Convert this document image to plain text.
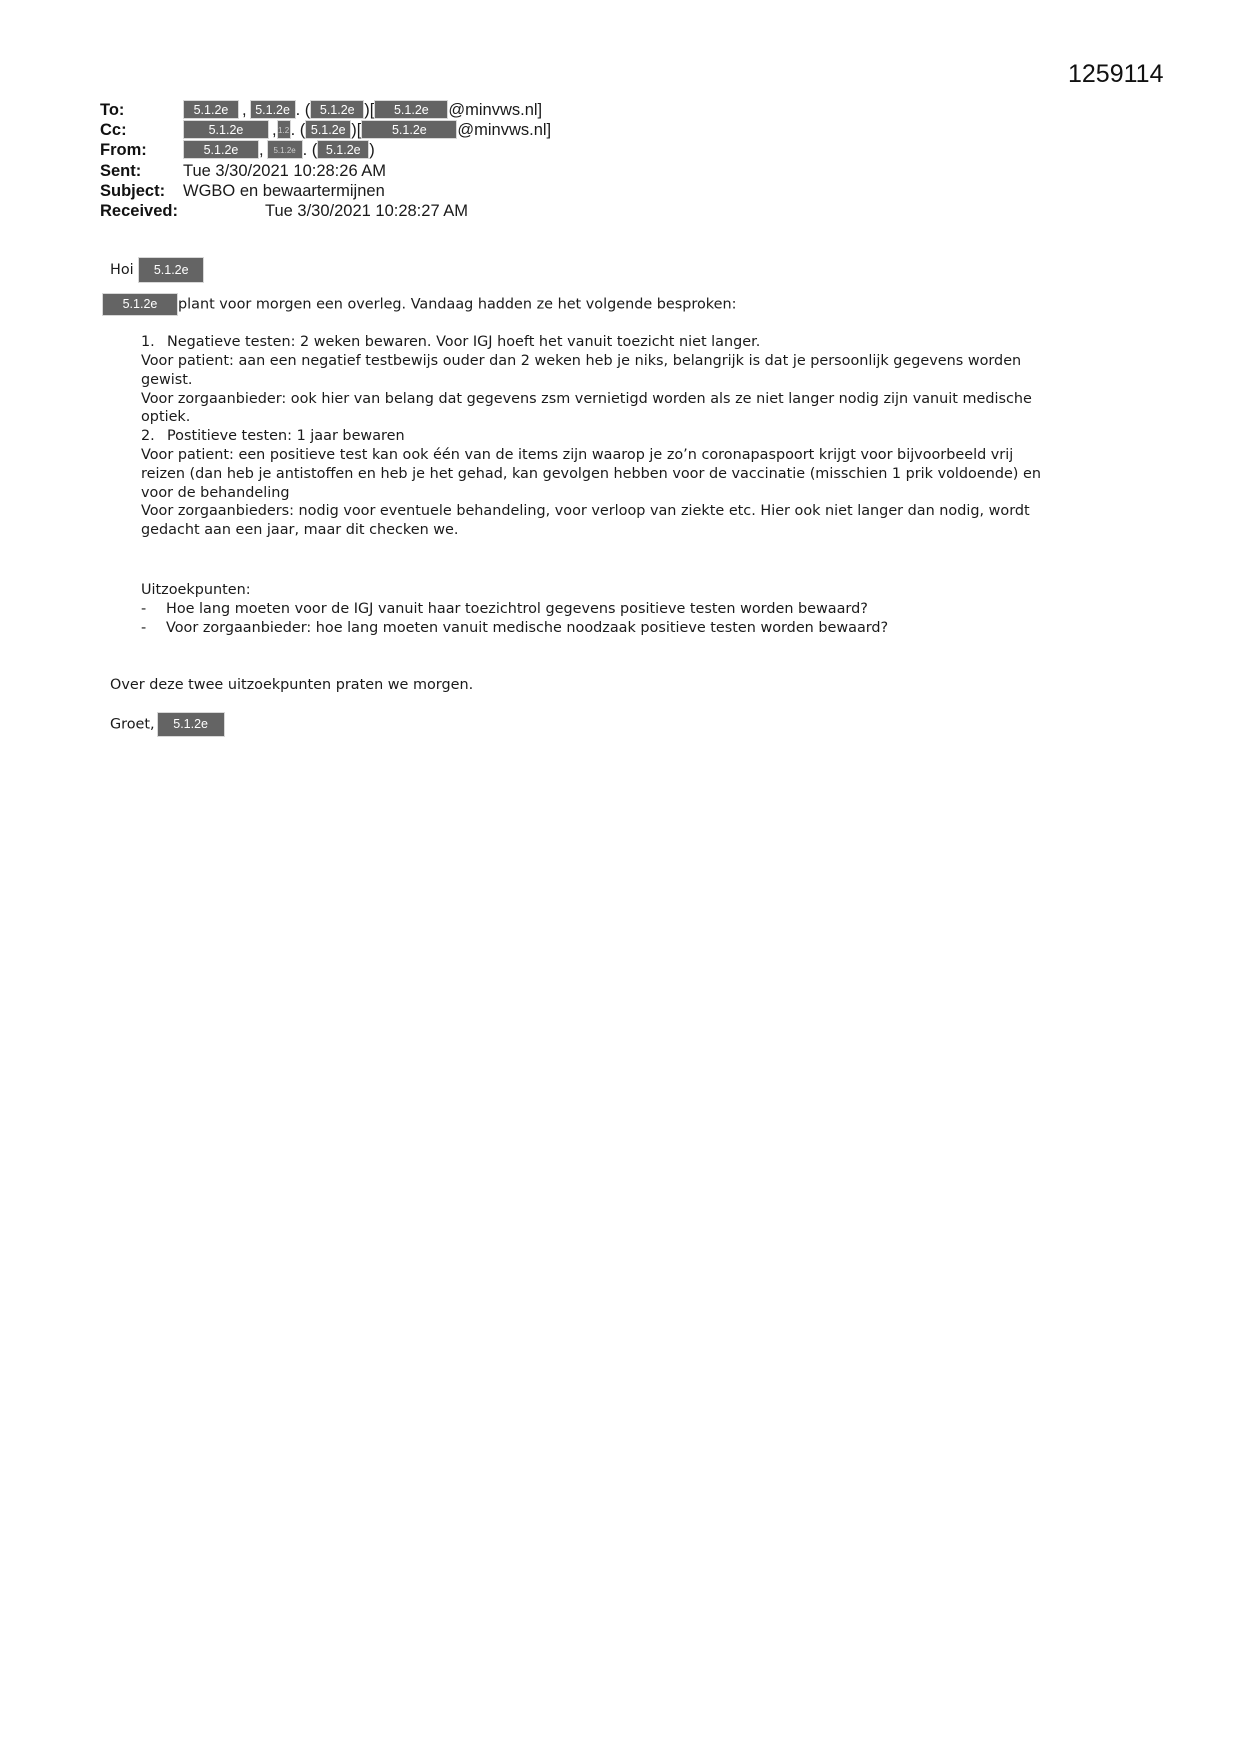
1259114
To:	5.1.2e , 5.1.2e . ( 5.1.2e )[ 5.1.2e @minvws.nl]
Cc:	5.1.2e ,1.2. ( 5.1.2e )[ 5.1.2e @minvws.nl]
From:	5.1.2e , 5.1.2e . ( 5.1.2e )
Sent:	Tue 3/30/2021 10:28:26 AM
Subject: WGBO en bewaartermijnen
Received:	Tue 3/30/2021 10:28:27 AM
Hoi 5.1.2e
5.1.2e plant voor morgen een overleg. Vandaag hadden ze het volgende besproken:
1. Negatieve testen: 2 weken bewaren. Voor IGJ hoeft het vanuit toezicht niet langer.
Voor patient: aan een negatief testbewijs ouder dan 2 weken heb je niks, belangrijk is dat je persoonlijk gegevens worden
gewist.
Voor zorgaanbieder: ook hier van belang dat gegevens zsm vernietigd worden als ze niet langer nodig zijn vanuit medische
optiek.
2. Postitieve testen: 1 jaar bewaren
Voor patient: een positieve test kan ook één van de items zijn waarop je zo’n coronapaspoort krijgt voor bijvoorbeeld vrij
reizen (dan heb je antistoffen en heb je het gehad, kan gevolgen hebben voor de vaccinatie (misschien 1 prik voldoende) en
voor de behandeling
Voor zorgaanbieders: nodig voor eventuele behandeling, voor verloop van ziekte etc. Hier ook niet langer dan nodig, wordt
gedacht aan een jaar, maar dit checken we.
Uitzoekpunten:
- Hoe lang moeten voor de IGJ vanuit haar toezichtrol gegevens positieve testen worden bewaard?
- Voor zorgaanbieder: hoe lang moeten vanuit medische noodzaak positieve testen worden bewaard?
Over deze twee uitzoekpunten praten we morgen.
Groet, 5.1.2e
